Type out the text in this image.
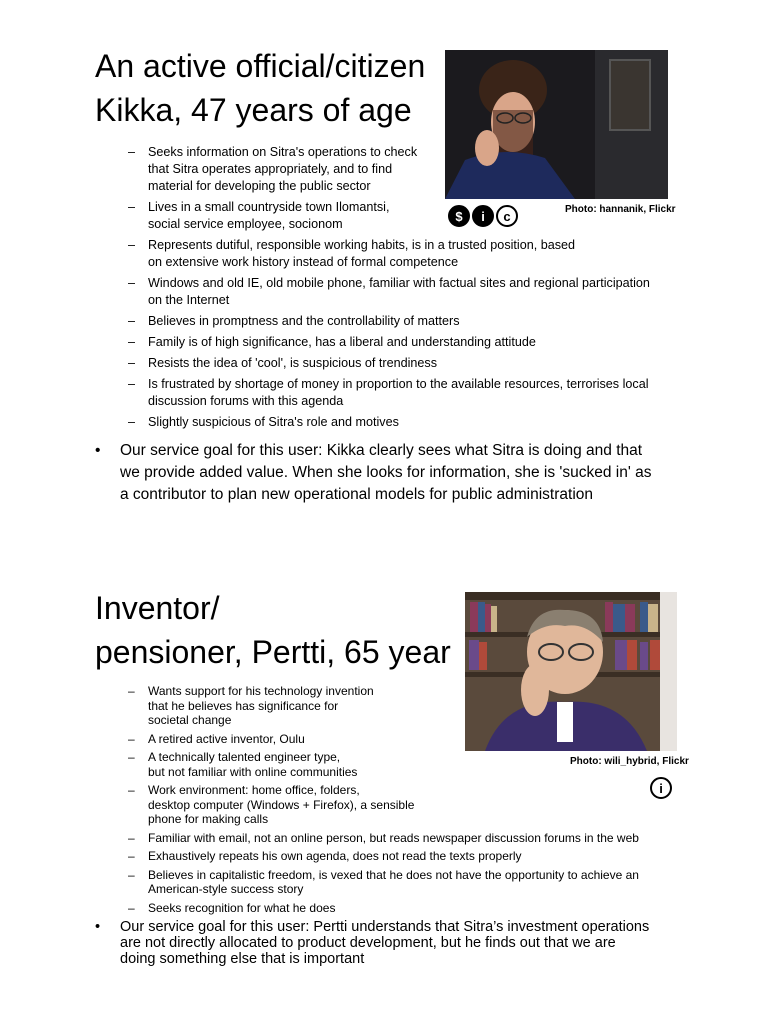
An active official/citizen
Kikka, 47 years of age
$	i	c	Photo: hannanik, Flickr
– Seeks information on Sitra's operations to check
that Sitra operates appropriately, and to find
material for developing the public sector
– Lives in a small countryside town Ilomantsi,
social service employee, socionom
– Represents dutiful, responsible working habits, is in a trusted position, based
on extensive work history instead of formal competence
– Windows and old IE, old mobile phone, familiar with factual sites and regional participation
on the Internet
– Believes in promptness and the controllability of matters
– Family is of high significance, has a liberal and understanding attitude
– Resists the idea of 'cool', is suspicious of trendiness
– Is frustrated by shortage of money in proportion to the available resources, terrorises local
discussion forums with this agenda
– Slightly suspicious of Sitra's role and motives
• Our service goal for this user: Kikka clearly sees what Sitra is doing and that
we provide added value. When she looks for information, she is 'sucked in' as
a contributor to plan new operational models for public administration
Inventor/
pensioner, Pertti, 65 year
Photo: wili_hybrid, Flickr
i
– Wants support for his technology invention
that he believes has significance for
societal change
– A retired active inventor, Oulu
– A technically talented engineer type,
but not familiar with online communities
– Work environment: home office, folders,
desktop computer (Windows + Firefox), a sensible
phone for making calls
– Familiar with email, not an online person, but reads newspaper discussion forums in the web
– Exhaustively repeats his own agenda, does not read the texts properly
– Believes in capitalistic freedom, is vexed that he does not have the opportunity to achieve an
American-style success story
– Seeks recognition for what he does
• Our service goal for this user: Pertti understands that Sitra’s investment operations
are not directly allocated to product development, but he finds out that we are
doing something else that is important
